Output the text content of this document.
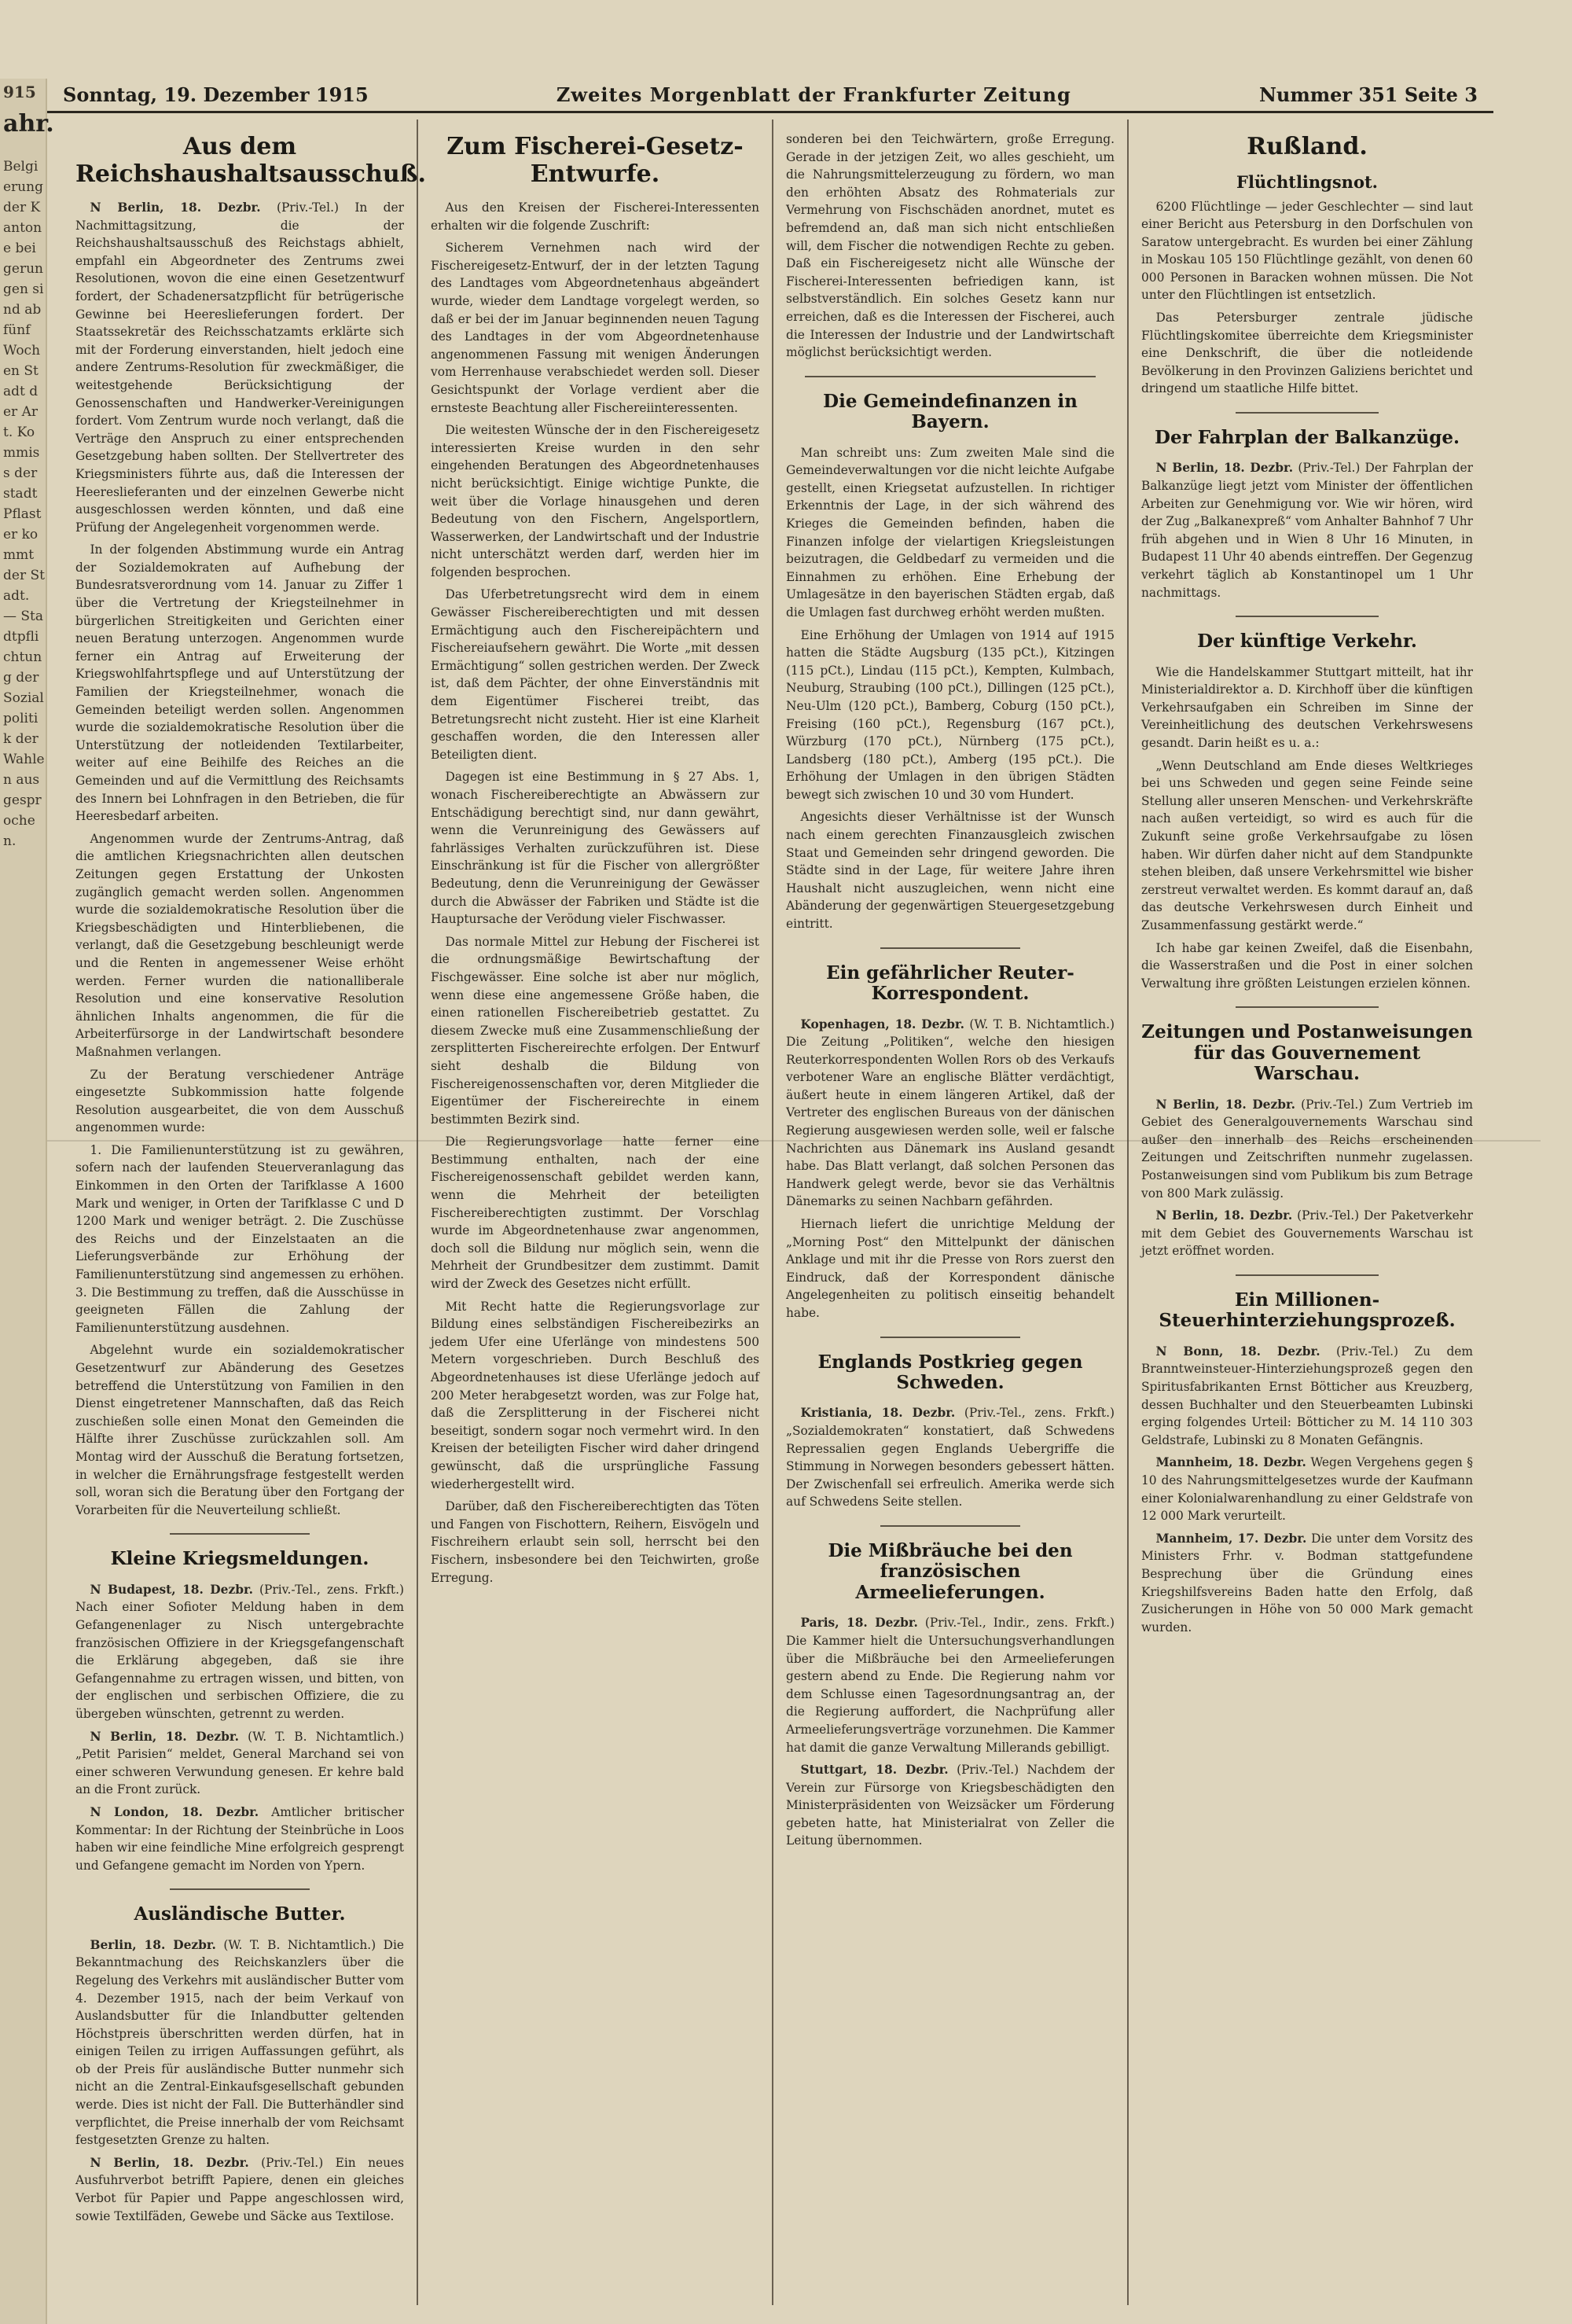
915
ahr.
Belgierung der Kantone bei gerungen sind ab fünf Wochen Stadt der Art. Kommiss der stadt Pflaster kommt der Stadt. — Stadtpflichtung der Sozialpolitik der Wahlen ausgesprochen.
Sonntag, 19. Dezember 1915	Zweites Morgenblatt der Frankfurter Zeitung	Nummer 351 Seite 3
Aus dem Reichshaushaltsausschuß.

N Berlin, 18. Dezbr. (Priv.-Tel.) In der Nachmittagsitzung, die der Reichshaushaltsausschuß des Reichstags abhielt, empfahl ein Abgeordneter des Zentrums zwei Resolutionen, wovon die eine einen Gesetzentwurf fordert, der Schadenersatzpflicht für betrügerische Gewinne bei Heereslieferungen fordert. Der Staatssekretär des Reichsschatzamts erklärte sich mit der Forderung einverstanden, hielt jedoch eine andere Zentrums-Resolution für zweckmäßiger, die weitestgehende Berücksichtigung der Genossenschaften und Handwerker-Vereinigungen fordert. Vom Zentrum wurde noch verlangt, daß die Verträge den Anspruch zu einer entsprechenden Gesetzgebung haben sollten. Der Stellvertreter des Kriegsministers führte aus, daß die Interessen der Heereslieferanten und der einzelnen Gewerbe nicht ausgeschlossen werden könnten, und daß eine Prüfung der Angelegenheit vorgenommen werde.

In der folgenden Abstimmung wurde ein Antrag der Sozialdemokraten auf Aufhebung der Bundesratsverordnung vom 14. Januar zu Ziffer 1 über die Vertretung der Kriegsteilnehmer in bürgerlichen Streitigkeiten und Gerichten einer neuen Beratung unterzogen. Angenommen wurde ferner ein Antrag auf Erweiterung der Kriegswohlfahrtspflege und auf Unterstützung der Familien der Kriegsteilnehmer, wonach die Gemeinden beteiligt werden sollen. Angenommen wurde die sozialdemokratische Resolution über die Unterstützung der notleidenden Textilarbeiter, weiter auf eine Beihilfe des Reiches an die Gemeinden und auf die Vermittlung des Reichsamts des Innern bei Lohnfragen in den Betrieben, die für Heeresbedarf arbeiten.

Angenommen wurde der Zentrums-Antrag, daß die amtlichen Kriegsnachrichten allen deutschen Zeitungen gegen Erstattung der Unkosten zugänglich gemacht werden sollen. Angenommen wurde die sozialdemokratische Resolution über die Kriegsbeschädigten und Hinterbliebenen, die verlangt, daß die Gesetzgebung beschleunigt werde und die Renten in angemessener Weise erhöht werden. Ferner wurden die nationalliberale Resolution und eine konservative Resolution ähnlichen Inhalts angenommen, die für die Arbeiterfürsorge in der Landwirtschaft besondere Maßnahmen verlangen.

Zu der Beratung verschiedener Anträge eingesetzte Subkommission hatte folgende Resolution ausgearbeitet, die von dem Ausschuß angenommen wurde:

1. Die Familienunterstützung ist zu gewähren, sofern nach der laufenden Steuerveranlagung das Einkommen in den Orten der Tarifklasse A 1600 Mark und weniger, in Orten der Tarifklasse C und D 1200 Mark und weniger beträgt. 2. Die Zuschüsse des Reichs und der Einzelstaaten an die Lieferungsverbände zur Erhöhung der Familienunterstützung sind angemessen zu erhöhen. 3. Die Bestimmung zu treffen, daß die Ausschüsse in geeigneten Fällen die Zahlung der Familienunterstützung ausdehnen.

Abgelehnt wurde ein sozialdemokratischer Gesetzentwurf zur Abänderung des Gesetzes betreffend die Unterstützung von Familien in den Dienst eingetretener Mannschaften, daß das Reich zuschießen solle einen Monat den Gemeinden die Hälfte ihrer Zuschüsse zurückzahlen soll. Am Montag wird der Ausschuß die Beratung fortsetzen, in welcher die Ernährungsfrage festgestellt werden soll, woran sich die Beratung über den Fortgang der Vorarbeiten für die Neuverteilung schließt.

Kleine Kriegsmeldungen.

N Budapest, 18. Dezbr. (Priv.-Tel., zens. Frkft.) Nach einer Sofioter Meldung haben in dem Gefangenenlager zu Nisch untergebrachte französischen Offiziere in der Kriegsgefangenschaft die Erklärung abgegeben, daß sie ihre Gefangennahme zu ertragen wissen, und bitten, von der englischen und serbischen Offiziere, die zu übergeben wünschten, getrennt zu werden.

N Berlin, 18. Dezbr. (W. T. B. Nichtamtlich.) „Petit Parisien“ meldet, General Marchand sei von einer schweren Verwundung genesen. Er kehre bald an die Front zurück.

N London, 18. Dezbr. Amtlicher britischer Kommentar: In der Richtung der Steinbrüche in Loos haben wir eine feindliche Mine erfolgreich gesprengt und Gefangene gemacht im Norden von Ypern.

Ausländische Butter.

Berlin, 18. Dezbr. (W. T. B. Nichtamtlich.) Die Bekanntmachung des Reichskanzlers über die Regelung des Verkehrs mit ausländischer Butter vom 4. Dezember 1915, nach der beim Verkauf von Auslandsbutter für die Inlandbutter geltenden Höchstpreis überschritten werden dürfen, hat in einigen Teilen zu irrigen Auffassungen geführt, als ob der Preis für ausländische Butter nunmehr sich nicht an die Zentral-Einkaufsgesellschaft gebunden werde. Dies ist nicht der Fall. Die Butterhändler sind verpflichtet, die Preise innerhalb der vom Reichsamt festgesetzten Grenze zu halten.

N Berlin, 18. Dezbr. (Priv.-Tel.) Ein neues Ausfuhrverbot betrifft Papiere, denen ein gleiches Verbot für Papier und Pappe angeschlossen wird, sowie Textilfäden, Gewebe und Säcke aus Textilose.

Zum Fischerei-Gesetz-Entwurfe.

Aus den Kreisen der Fischerei-Interessenten erhalten wir die folgende Zuschrift:

Sicherem Vernehmen nach wird der Fischereigesetz-Entwurf, der in der letzten Tagung des Landtages vom Abgeordnetenhaus abgeändert wurde, wieder dem Landtage vorgelegt werden, so daß er bei der im Januar beginnenden neuen Tagung des Landtages in der vom Abgeordnetenhause angenommenen Fassung mit wenigen Änderungen vom Herrenhause verabschiedet werden soll. Dieser Gesichtspunkt der Vorlage verdient aber die ernsteste Beachtung aller Fischereiinteressenten.

Die weitesten Wünsche der in den Fischereigesetz interessierten Kreise wurden in den sehr eingehenden Beratungen des Abgeordnetenhauses nicht berücksichtigt. Einige wichtige Punkte, die weit über die Vorlage hinausgehen und deren Bedeutung von den Fischern, Angelsportlern, Wasserwerken, der Landwirtschaft und der Industrie nicht unterschätzt werden darf, werden hier im folgenden besprochen.

Das Uferbetretungsrecht wird dem in einem Gewässer Fischereiberechtigten und mit dessen Ermächtigung auch den Fischereipächtern und Fischereiaufsehern gewährt. Die Worte „mit dessen Ermächtigung“ sollen gestrichen werden. Der Zweck ist, daß dem Pächter, der ohne Einverständnis mit dem Eigentümer Fischerei treibt, das Betretungsrecht nicht zusteht. Hier ist eine Klarheit geschaffen worden, die den Interessen aller Beteiligten dient.

Dagegen ist eine Bestimmung in § 27 Abs. 1, wonach Fischereiberechtigte an Abwässern zur Entschädigung berechtigt sind, nur dann gewährt, wenn die Verunreinigung des Gewässers auf fahrlässiges Verhalten zurückzuführen ist. Diese Einschränkung ist für die Fischer von allergrößter Bedeutung, denn die Verunreinigung der Gewässer durch die Abwässer der Fabriken und Städte ist die Hauptursache der Verödung vieler Fischwasser.

Das normale Mittel zur Hebung der Fischerei ist die ordnungsmäßige Bewirtschaftung der Fischgewässer. Eine solche ist aber nur möglich, wenn diese eine angemessene Größe haben, die einen rationellen Fischereibetrieb gestattet. Zu diesem Zwecke muß eine Zusammenschließung der zersplitterten Fischereirechte erfolgen. Der Entwurf sieht deshalb die Bildung von Fischereigenossenschaften vor, deren Mitglieder die Eigentümer der Fischereirechte in einem bestimmten Bezirk sind.

Die Regierungsvorlage hatte ferner eine Bestimmung enthalten, nach der eine Fischereigenossenschaft gebildet werden kann, wenn die Mehrheit der beteiligten Fischereiberechtigten zustimmt. Der Vorschlag wurde im Abgeordnetenhause zwar angenommen, doch soll die Bildung nur möglich sein, wenn die Mehrheit der Grundbesitzer dem zustimmt. Damit wird der Zweck des Gesetzes nicht erfüllt.

Mit Recht hatte die Regierungsvorlage zur Bildung eines selbständigen Fischereibezirks an jedem Ufer eine Uferlänge von mindestens 500 Metern vorgeschrieben. Durch Beschluß des Abgeordnetenhauses ist diese Uferlänge jedoch auf 200 Meter herabgesetzt worden, was zur Folge hat, daß die Zersplitterung in der Fischerei nicht beseitigt, sondern sogar noch vermehrt wird. In den Kreisen der beteiligten Fischer wird daher dringend gewünscht, daß die ursprüngliche Fassung wiederhergestellt wird.

Darüber, daß den Fischereiberechtigten das Töten und Fangen von Fischottern, Reihern, Eisvögeln und Fischreihern erlaubt sein soll, herrscht bei den Fischern, insbesondere bei den Teichwirten, große Erregung.

sonderen bei den Teichwärtern, große Erregung. Gerade in der jetzigen Zeit, wo alles geschieht, um die Nahrungsmittelerzeugung zu fördern, wo man den erhöhten Absatz des Rohmaterials zur Vermehrung von Fischschäden anordnet, mutet es befremdend an, daß man sich nicht entschließen will, dem Fischer die notwendigen Rechte zu geben. Daß ein Fischereigesetz nicht alle Wünsche der Fischerei-Interessenten befriedigen kann, ist selbstverständlich. Ein solches Gesetz kann nur erreichen, daß es die Interessen der Fischerei, auch die Interessen der Industrie und der Landwirtschaft möglichst berücksichtigt werden.

Die Gemeindefinanzen in Bayern.

Man schreibt uns: Zum zweiten Male sind die Gemeindeverwaltungen vor die nicht leichte Aufgabe gestellt, einen Kriegsetat aufzustellen. In richtiger Erkenntnis der Lage, in der sich während des Krieges die Gemeinden befinden, haben die Finanzen infolge der vielartigen Kriegsleistungen beizutragen, die Geldbedarf zu vermeiden und die Einnahmen zu erhöhen. Eine Erhebung der Umlagesätze in den bayerischen Städten ergab, daß die Umlagen fast durchweg erhöht werden mußten.

Eine Erhöhung der Umlagen von 1914 auf 1915 hatten die Städte Augsburg (135 pCt.), Kitzingen (115 pCt.), Lindau (115 pCt.), Kempten, Kulmbach, Neuburg, Straubing (100 pCt.), Dillingen (125 pCt.), Neu-Ulm (120 pCt.), Bamberg, Coburg (150 pCt.), Freising (160 pCt.), Regensburg (167 pCt.), Würzburg (170 pCt.), Nürnberg (175 pCt.), Landsberg (180 pCt.), Amberg (195 pCt.). Die Erhöhung der Umlagen in den übrigen Städten bewegt sich zwischen 10 und 30 vom Hundert.

Angesichts dieser Verhältnisse ist der Wunsch nach einem gerechten Finanzausgleich zwischen Staat und Gemeinden sehr dringend geworden. Die Städte sind in der Lage, für weitere Jahre ihren Haushalt nicht auszugleichen, wenn nicht eine Abänderung der gegenwärtigen Steuergesetzgebung eintritt.

Ein gefährlicher Reuter-Korrespondent.

Kopenhagen, 18. Dezbr. (W. T. B. Nichtamtlich.) Die Zeitung „Politiken“, welche den hiesigen Reuterkorrespondenten Wollen Rors ob des Verkaufs verbotener Ware an englische Blätter verdächtigt, äußert heute in einem längeren Artikel, daß der Vertreter des englischen Bureaus von der dänischen Regierung ausgewiesen werden solle, weil er falsche Nachrichten aus Dänemark ins Ausland gesandt habe. Das Blatt verlangt, daß solchen Personen das Handwerk gelegt werde, bevor sie das Verhältnis Dänemarks zu seinen Nachbarn gefährden.

Hiernach liefert die unrichtige Meldung der „Morning Post“ den Mittelpunkt der dänischen Anklage und mit ihr die Presse von Rors zuerst den Eindruck, daß der Korrespondent dänische Angelegenheiten zu politisch einseitig behandelt habe.

Englands Postkrieg gegen Schweden.

Kristiania, 18. Dezbr. (Priv.-Tel., zens. Frkft.) „Sozialdemokraten“ konstatiert, daß Schwedens Repressalien gegen Englands Uebergriffe die Stimmung in Norwegen besonders gebessert hätten. Der Zwischenfall sei erfreulich. Amerika werde sich auf Schwedens Seite stellen.

Die Mißbräuche bei den französischen Armeelieferungen.

Paris, 18. Dezbr. (Priv.-Tel., Indir., zens. Frkft.) Die Kammer hielt die Untersuchungsverhandlungen über die Mißbräuche bei den Armeelieferungen gestern abend zu Ende. Die Regierung nahm vor dem Schlusse einen Tagesordnungsantrag an, der die Regierung auffordert, die Nachprüfung aller Armeelieferungsverträge vorzunehmen. Die Kammer hat damit die ganze Verwaltung Millerands gebilligt.

Stuttgart, 18. Dezbr. (Priv.-Tel.) Nachdem der Verein zur Fürsorge von Kriegsbeschädigten den Ministerpräsidenten von Weizsäcker um Förderung gebeten hatte, hat Ministerialrat von Zeller die Leitung übernommen.

Rußland.
Flüchtlingsnot.

6200 Flüchtlinge — jeder Geschlechter — sind laut einer Bericht aus Petersburg in den Dorfschulen von Saratow untergebracht. Es wurden bei einer Zählung in Moskau 105 150 Flüchtlinge gezählt, von denen 60 000 Personen in Baracken wohnen müssen. Die Not unter den Flüchtlingen ist entsetzlich.

Das Petersburger zentrale jüdische Flüchtlingskomitee überreichte dem Kriegsminister eine Denkschrift, die über die notleidende Bevölkerung in den Provinzen Galiziens berichtet und dringend um staatliche Hilfe bittet.

Der Fahrplan der Balkanzüge.

N Berlin, 18. Dezbr. (Priv.-Tel.) Der Fahrplan der Balkanzüge liegt jetzt vom Minister der öffentlichen Arbeiten zur Genehmigung vor. Wie wir hören, wird der Zug „Balkanexpreß“ vom Anhalter Bahnhof 7 Uhr früh abgehen und in Wien 8 Uhr 16 Minuten, in Budapest 11 Uhr 40 abends eintreffen. Der Gegenzug verkehrt täglich ab Konstantinopel um 1 Uhr nachmittags.

Der künftige Verkehr.

Wie die Handelskammer Stuttgart mitteilt, hat ihr Ministerialdirektor a. D. Kirchhoff über die künftigen Verkehrsaufgaben ein Schreiben im Sinne der Vereinheitlichung des deutschen Verkehrswesens gesandt. Darin heißt es u. a.:

„Wenn Deutschland am Ende dieses Weltkrieges bei uns Schweden und gegen seine Feinde seine Stellung aller unseren Menschen- und Verkehrskräfte nach außen verteidigt, so wird es auch für die Zukunft seine große Verkehrsaufgabe zu lösen haben. Wir dürfen daher nicht auf dem Standpunkte stehen bleiben, daß unsere Verkehrsmittel wie bisher zerstreut verwaltet werden. Es kommt darauf an, daß das deutsche Verkehrswesen durch Einheit und Zusammenfassung gestärkt werde.“

Ich habe gar keinen Zweifel, daß die Eisenbahn, die Wasserstraßen und die Post in einer solchen Verwaltung ihre größten Leistungen erzielen können.

Zeitungen und Postanweisungen für das Gouvernement Warschau.

N Berlin, 18. Dezbr. (Priv.-Tel.) Zum Vertrieb im Gebiet des Generalgouvernements Warschau sind außer den innerhalb des Reichs erscheinenden Zeitungen und Zeitschriften nunmehr zugelassen. Postanweisungen sind vom Publikum bis zum Betrage von 800 Mark zulässig.

N Berlin, 18. Dezbr. (Priv.-Tel.) Der Paketverkehr mit dem Gebiet des Gouvernements Warschau ist jetzt eröffnet worden.

Ein Millionen-Steuerhinterziehungsprozeß.

N Bonn, 18. Dezbr. (Priv.-Tel.) Zu dem Branntweinsteuer-Hinterziehungsprozeß gegen den Spiritusfabrikanten Ernst Bötticher aus Kreuzberg, dessen Buchhalter und den Steuerbeamten Lubinski erging folgendes Urteil: Bötticher zu M. 14 110 303 Geldstrafe, Lubinski zu 8 Monaten Gefängnis.

Mannheim, 18. Dezbr. Wegen Vergehens gegen § 10 des Nahrungsmittelgesetzes wurde der Kaufmann einer Kolonialwarenhandlung zu einer Geldstrafe von 12 000 Mark verurteilt.

Mannheim, 17. Dezbr. Die unter dem Vorsitz des Ministers Frhr. v. Bodman stattgefundene Besprechung über die Gründung eines Kriegshilfsvereins Baden hatte den Erfolg, daß Zusicherungen in Höhe von 50 000 Mark gemacht wurden.
